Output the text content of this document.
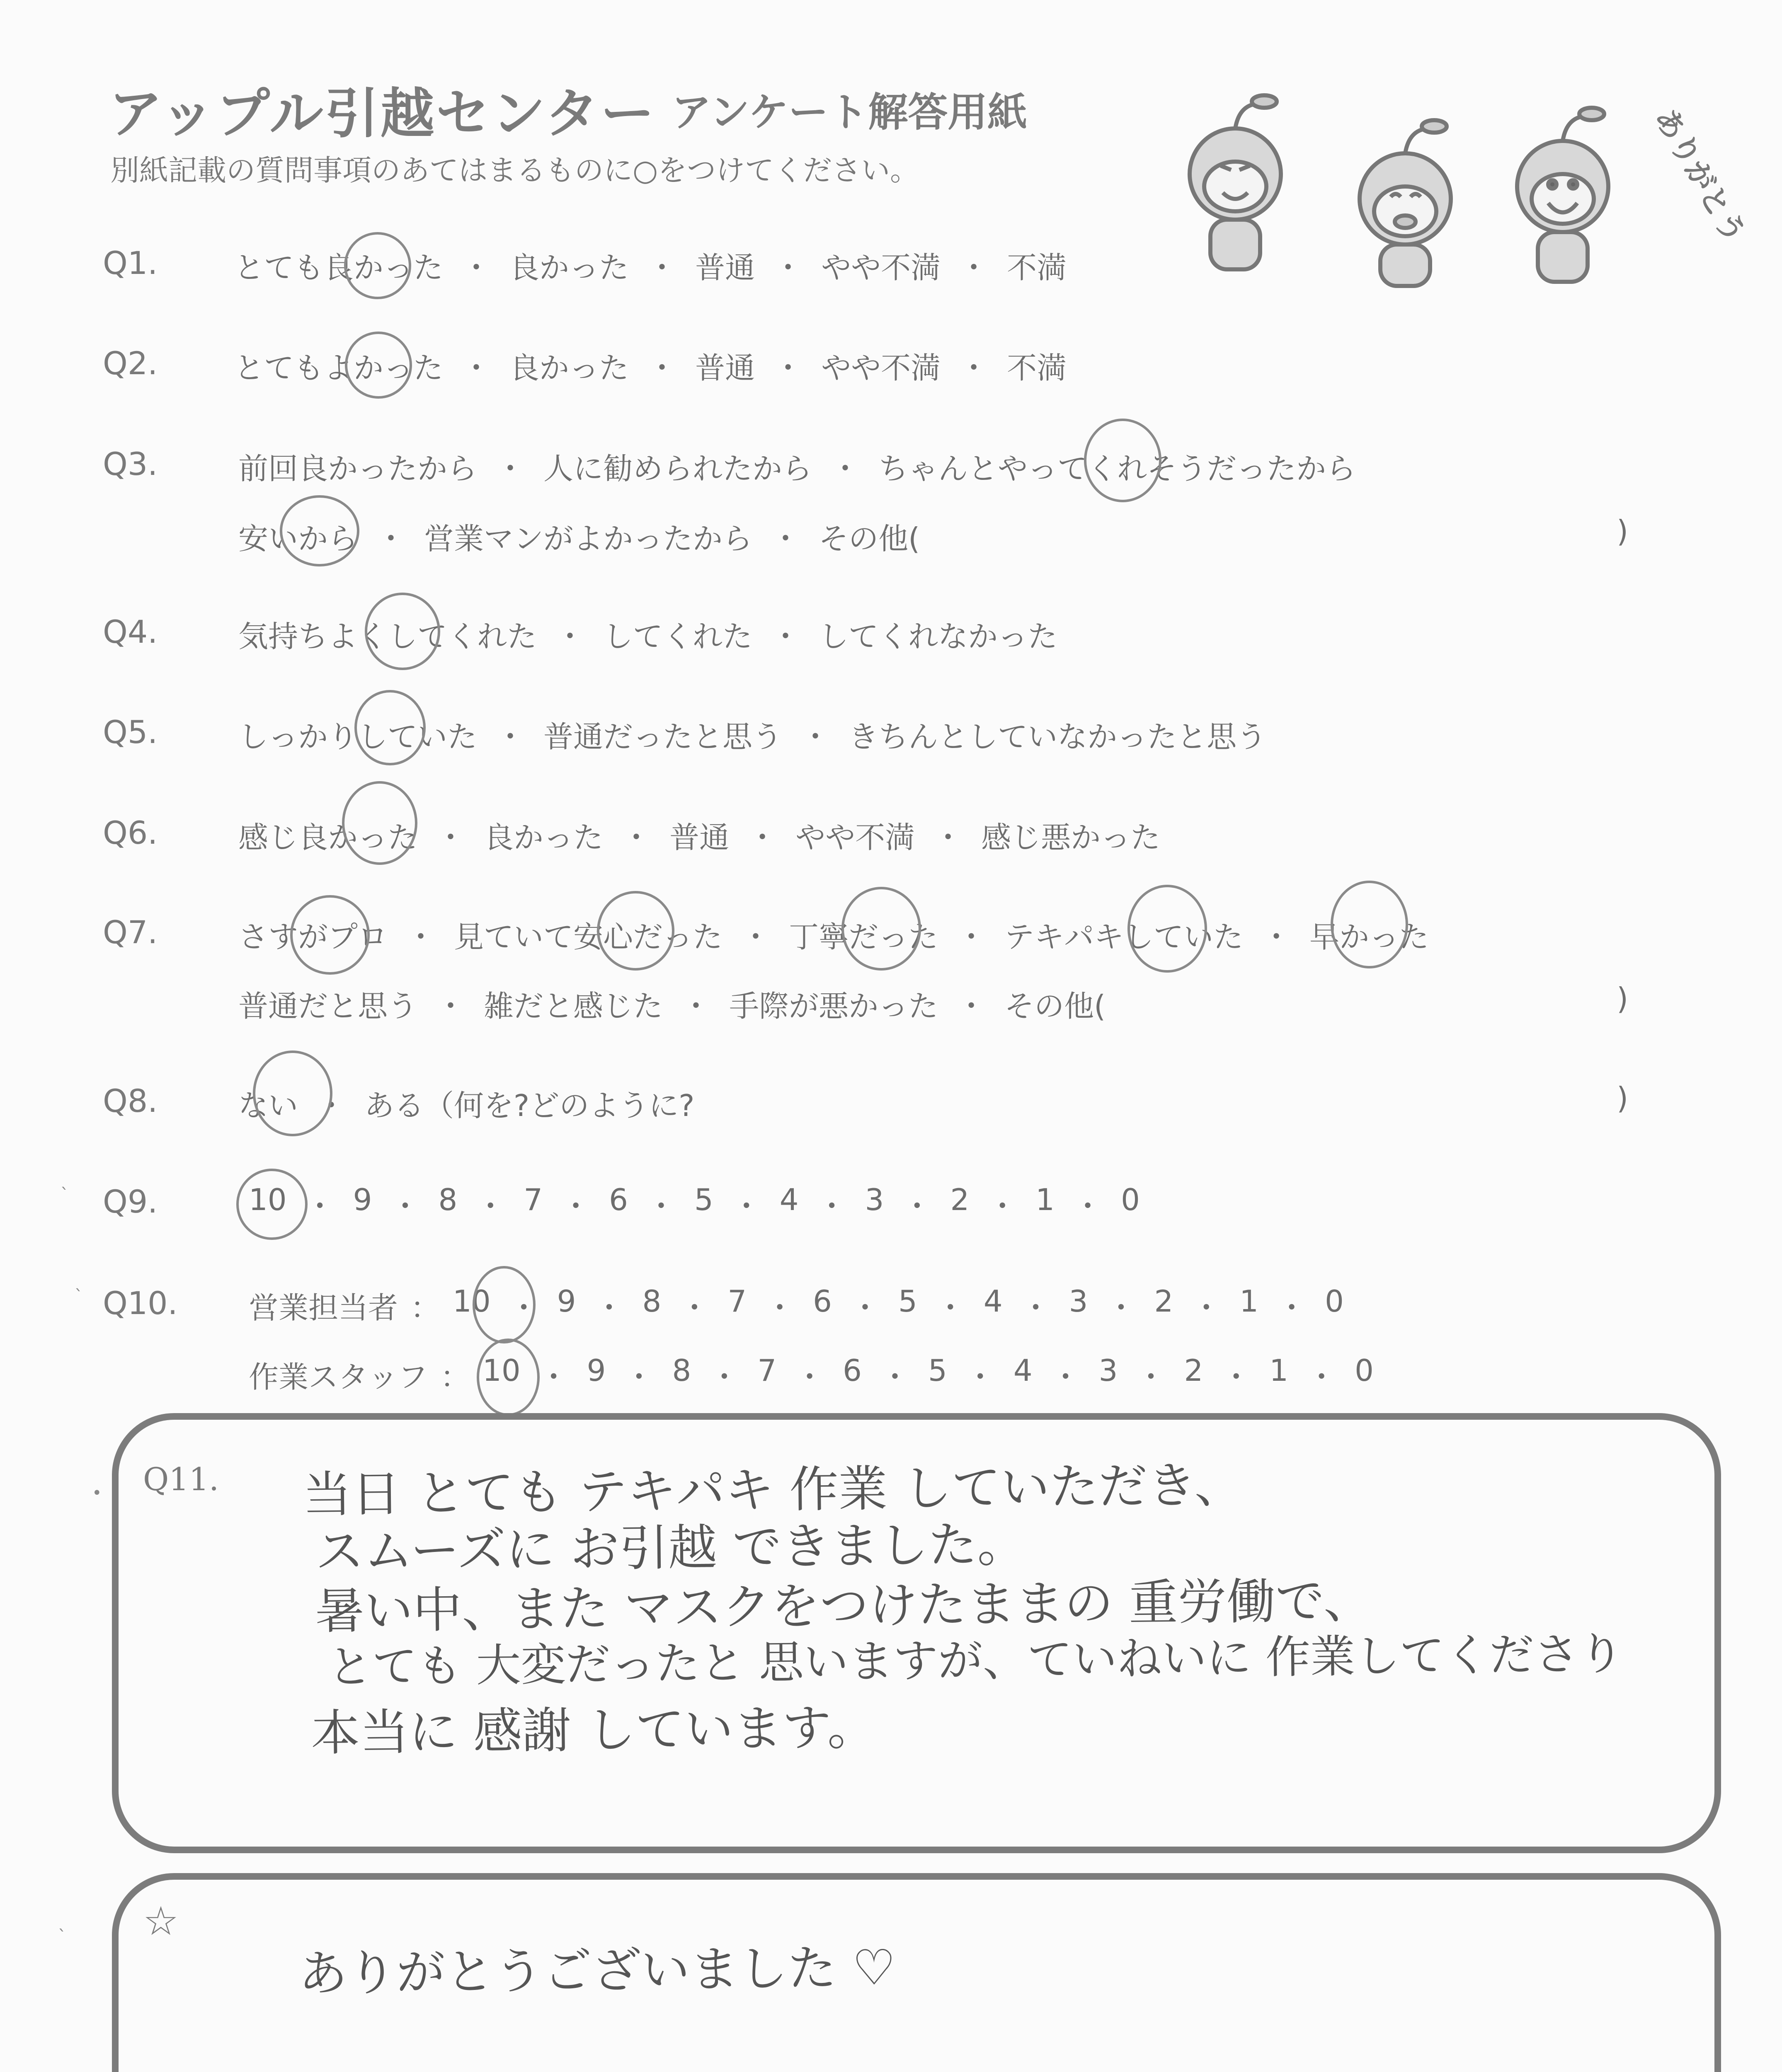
アップル引越センター アンケート解答用紙
別紙記載の質問事項のあてはまるものに○をつけてください。	ありがとう
Q1.	とても良かった ・ 良かった ・ 普通 ・ やや不満 ・ 不満
Q2.	とてもよかった ・ 良かった ・ 普通 ・ やや不満 ・ 不満
Q3.	前回良かったから ・ 人に勧められたから ・ ちゃんとやってくれそうだったから
安いから ・ 営業マンがよかったから ・ その他(	)
Q4.	気持ちよくしてくれた ・ してくれた ・ してくれなかった
Q5.	しっかりしていた ・ 普通だったと思う ・ きちんとしていなかったと思う
Q6.	感じ良かった ・ 良かった ・ 普通 ・ やや不満 ・ 感じ悪かった
Q7.	さすがプロ ・ 見ていて安心だった ・ 丁寧だった ・ テキパキしていた ・ 早かった
普通だと思う ・ 雑だと感じた ・ 手際が悪かった ・ その他(	)
Q8.	ない ・ ある（何を?どのように?	)
` Q9.	10 ・ 9 ・ 8 ・ 7 ・ 6 ・ 5 ・ 4 ・ 3 ・ 2 ・ 1 ・ 0
` Q10. 営業担当者 ： 10 ・ 9 ・ 8 ・ 7 ・ 6 ・ 5 ・ 4 ・ 3 ・ 2 ・ 1 ・ 0
作業スタッフ ： 10 ・ 9 ・ 8 ・ 7 ・ 6 ・ 5 ・ 4 ・ 3 ・ 2 ・ 1 ・ 0
• Q11. 当日 とても テキパキ 作業 していただき、
スムーズに お引越 できました。
暑い中、また マスクをつけたままの 重労働で、
とても 大変だったと 思いますが、ていねいに 作業してくださり
本当に 感謝 しています。
` ☆
ありがとうございました ♡
